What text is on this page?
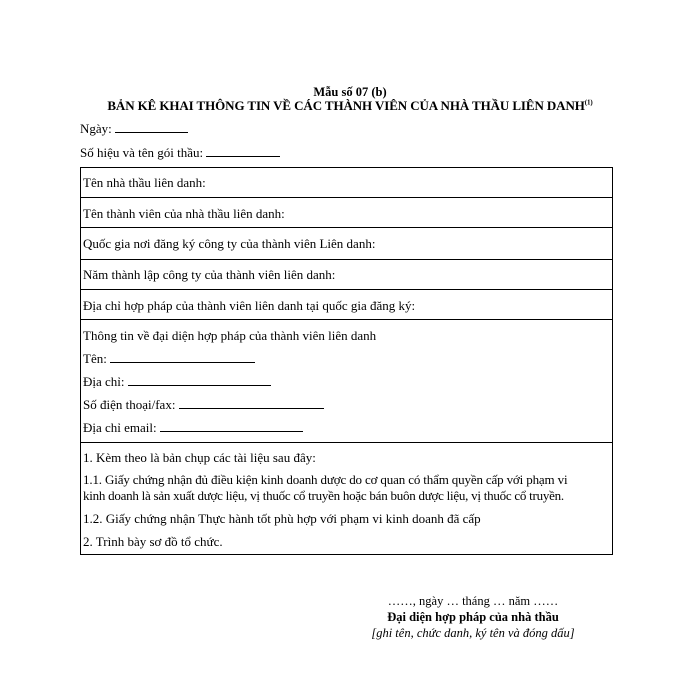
Mẫu số 07 (b)
BẢN KÊ KHAI THÔNG TIN VỀ CÁC THÀNH VIÊN CỦA NHÀ THẦU LIÊN DANH$^{(1)}$
Ngày:
Số hiệu và tên gói thầu:
Tên nhà thầu liên danh:
Tên thành viên của nhà thầu liên danh:
Quốc gia nơi đăng ký công ty của thành viên Liên danh:
Năm thành lập công ty của thành viên liên danh:
Địa chỉ hợp pháp của thành viên liên danh tại quốc gia đăng ký:
Thông tin về đại diện hợp pháp của thành viên liên danh
Tên:
Địa chỉ:
Số điện thoại/fax:
Địa chỉ email:
1. Kèm theo là bản chụp các tài liệu sau đây:
1.1. Giấy chứng nhận đủ điều kiện kinh doanh dược do cơ quan có thẩm quyền cấp với phạm vi
kinh doanh là sản xuất dược liệu, vị thuốc cổ truyền hoặc bán buôn dược liệu, vị thuốc cổ truyền.
1.2. Giấy chứng nhận Thực hành tốt phù hợp với phạm vi kinh doanh đã cấp
2. Trình bày sơ đồ tổ chức.
……, ngày … tháng … năm ……
Đại diện hợp pháp của nhà thầu
[ghi tên, chức danh, ký tên và đóng dấu]
